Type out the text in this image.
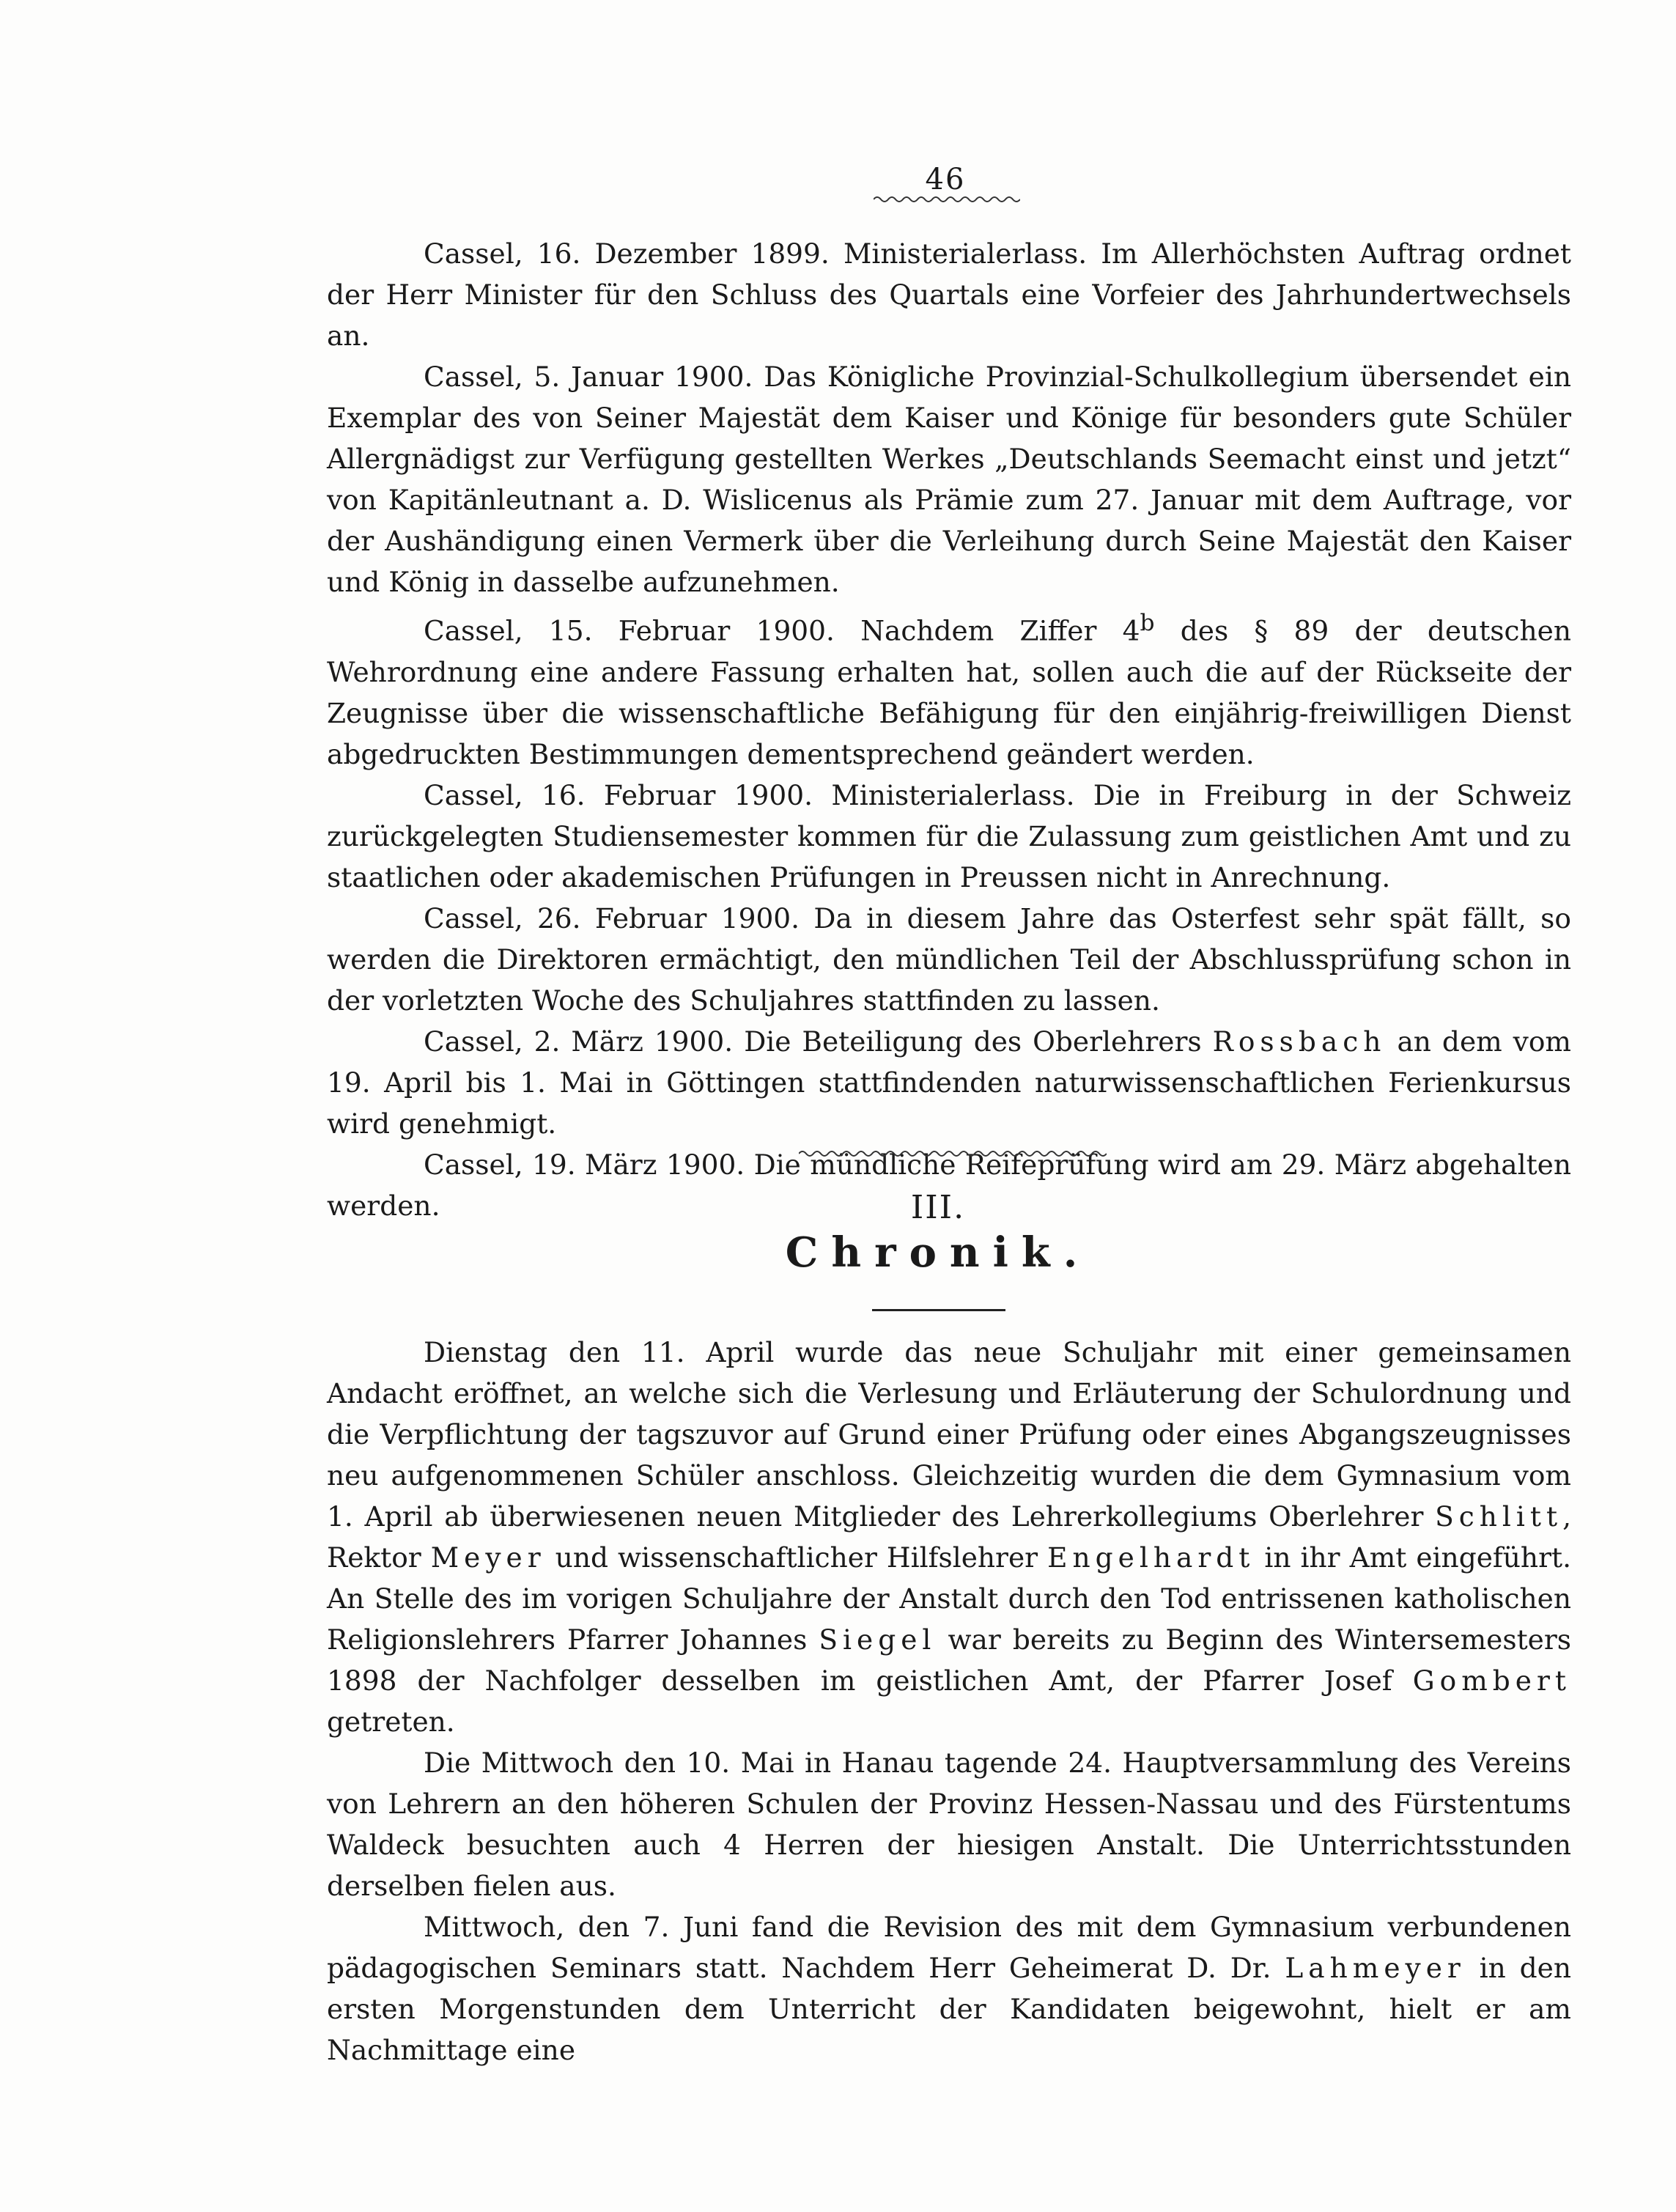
46

Cassel, 16. Dezember 1899. Ministerialerlass. Im Allerhöchsten Auftrag ordnet der Herr Minister für den Schluss des Quartals eine Vorfeier des Jahrhundertwechsels an.

Cassel, 5. Januar 1900. Das Königliche Provinzial-Schulkollegium übersendet ein Exemplar des von Seiner Majestät dem Kaiser und Könige für besonders gute Schüler Allergnädigst zur Verfügung gestellten Werkes „Deutschlands Seemacht einst und jetzt“ von Kapitänleutnant a. D. Wislicenus als Prämie zum 27. Januar mit dem Auftrage, vor der Aushändigung einen Vermerk über die Verleihung durch Seine Majestät den Kaiser und König in dasselbe aufzunehmen.

Cassel, 15. Februar 1900. Nachdem Ziffer 4$^b$ des § 89 der deutschen Wehrordnung eine andere Fassung erhalten hat, sollen auch die auf der Rückseite der Zeugnisse über die wissenschaftliche Befähigung für den einjährig-freiwilligen Dienst abgedruckten Bestimmungen dementsprechend geändert werden.

Cassel, 16. Februar 1900. Ministerialerlass. Die in Freiburg in der Schweiz zurückgelegten Studiensemester kommen für die Zulassung zum geistlichen Amt und zu staatlichen oder akademischen Prüfungen in Preussen nicht in Anrechnung.

Cassel, 26. Februar 1900. Da in diesem Jahre das Osterfest sehr spät fällt, so werden die Direktoren ermächtigt, den mündlichen Teil der Abschlussprüfung schon in der vorletzten Woche des Schuljahres stattfinden zu lassen.

Cassel, 2. März 1900. Die Beteiligung des Oberlehrers Rossbach an dem vom 19. April bis 1. Mai in Göttingen stattfindenden naturwissenschaftlichen Ferienkursus wird genehmigt.

Cassel, 19. März 1900. Die mündliche Reifeprüfung wird am 29. März abgehalten werden.	III.
Chronik.

Dienstag den 11. April wurde das neue Schuljahr mit einer gemeinsamen Andacht eröffnet, an welche sich die Verlesung und Erläuterung der Schulordnung und die Verpflichtung der tagszuvor auf Grund einer Prüfung oder eines Abgangszeugnisses neu aufgenommenen Schüler anschloss. Gleichzeitig wurden die dem Gymnasium vom 1. April ab überwiesenen neuen Mitglieder des Lehrerkollegiums Oberlehrer Schlitt, Rektor Meyer und wissenschaftlicher Hilfslehrer Engelhardt in ihr Amt eingeführt. An Stelle des im vorigen Schuljahre der Anstalt durch den Tod entrissenen katholischen Religionslehrers Pfarrer Johannes Siegel war bereits zu Beginn des Wintersemesters 1898 der Nachfolger desselben im geistlichen Amt, der Pfarrer Josef Gombert getreten.

Die Mittwoch den 10. Mai in Hanau tagende 24. Hauptversammlung des Vereins von Lehrern an den höheren Schulen der Provinz Hessen-Nassau und des Fürstentums Waldeck besuchten auch 4 Herren der hiesigen Anstalt. Die Unterrichtsstunden derselben fielen aus.

Mittwoch, den 7. Juni fand die Revision des mit dem Gymnasium verbundenen pädagogischen Seminars statt. Nachdem Herr Geheimerat D. Dr. Lahmeyer in den ersten Morgenstunden dem Unterricht der Kandidaten beigewohnt, hielt er am Nachmittage eine
